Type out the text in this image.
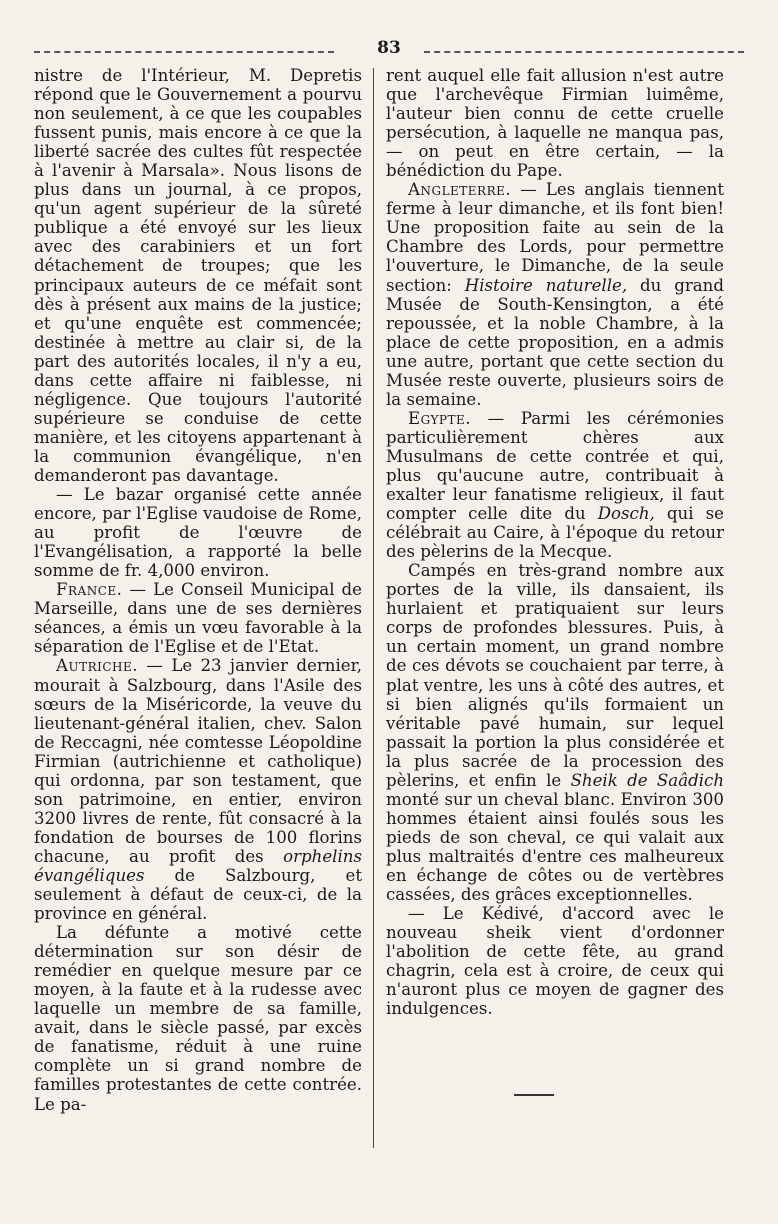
83

nistre de l'Intérieur, M. Depretis répond que le Gouvernement a pourvu non seulement, à ce que les coupables fussent punis, mais encore à ce que la liberté sacrée des cultes fût respectée à l'avenir à Marsala». Nous lisons de plus dans un journal, à ce propos, qu'un agent supérieur de la sûreté publique a été envoyé sur les lieux avec des carabiniers et un fort détachement de troupes; que les principaux auteurs de ce méfait sont dès à présent aux mains de la justice; et qu'une enquête est commencée; destinée à mettre au clair si, de la part des autorités locales, il n'y a eu, dans cette affaire ni faiblesse, ni négligence. Que toujours l'autorité supérieure se conduise de cette manière, et les citoyens appartenant à la communion évangélique, n'en demanderont pas davantage.

— Le bazar organisé cette année encore, par l'Eglise vaudoise de Rome, au profit de l'œuvre de l'Evangélisation, a rapporté la belle somme de fr. 4,000 environ.

France. — Le Conseil Municipal de Marseille, dans une de ses dernières séances, a émis un vœu favorable à la séparation de l'Eglise et de l'Etat.

Autriche. — Le 23 janvier dernier, mourait à Salzbourg, dans l'Asile des sœurs de la Miséricorde, la veuve du lieutenant-général italien, chev. Salon de Reccagni, née comtesse Léopoldine Firmian (autrichienne et catholique) qui ordonna, par son testament, que son patrimoine, en entier, environ 3200 livres de rente, fût consacré à la fondation de bourses de 100 florins chacune, au profit des orphelins évangéliques de Salzbourg, et seulement à défaut de ceux-ci, de la province en général.

La défunte a motivé cette détermination sur son désir de remédier en quelque mesure par ce moyen, à la faute et à la rudesse avec laquelle un membre de sa famille, avait, dans le siècle passé, par excès de fanatisme, réduit à une ruine complète un si grand nombre de familles protestantes de cette contrée. Le pa-

rent auquel elle fait allusion n'est autre que l'archevêque Firmian luimême, l'auteur bien connu de cette cruelle persécution, à laquelle ne manqua pas, — on peut en être certain, — la bénédiction du Pape.

Angleterre. — Les anglais tiennent ferme à leur dimanche, et ils font bien! Une proposition faite au sein de la Chambre des Lords, pour permettre l'ouverture, le Dimanche, de la seule section: Histoire naturelle, du grand Musée de South-Kensington, a été repoussée, et la noble Chambre, à la place de cette proposition, en a admis une autre, portant que cette section du Musée reste ouverte, plusieurs soirs de la semaine.

Egypte. — Parmi les cérémonies particulièrement chères aux Musulmans de cette contrée et qui, plus qu'aucune autre, contribuait à exalter leur fanatisme religieux, il faut compter celle dite du Dosch, qui se célébrait au Caire, à l'époque du retour des pèlerins de la Mecque.

Campés en très-grand nombre aux portes de la ville, ils dansaient, ils hurlaient et pratiquaient sur leurs corps de profondes blessures. Puis, à un certain moment, un grand nombre de ces dévots se couchaient par terre, à plat ventre, les uns à côté des autres, et si bien alignés qu'ils formaient un véritable pavé humain, sur lequel passait la portion la plus considérée et la plus sacrée de la procession des pèlerins, et enfin le Sheik de Saâdich monté sur un cheval blanc. Environ 300 hommes étaient ainsi foulés sous les pieds de son cheval, ce qui valait aux plus maltraités d'entre ces malheureux en échange de côtes ou de vertèbres cassées, des grâces exceptionnelles.

— Le Kédivé, d'accord avec le nouveau sheik vient d'ordonner l'abolition de cette fête, au grand chagrin, cela est à croire, de ceux qui n'auront plus ce moyen de gagner des indulgences.
